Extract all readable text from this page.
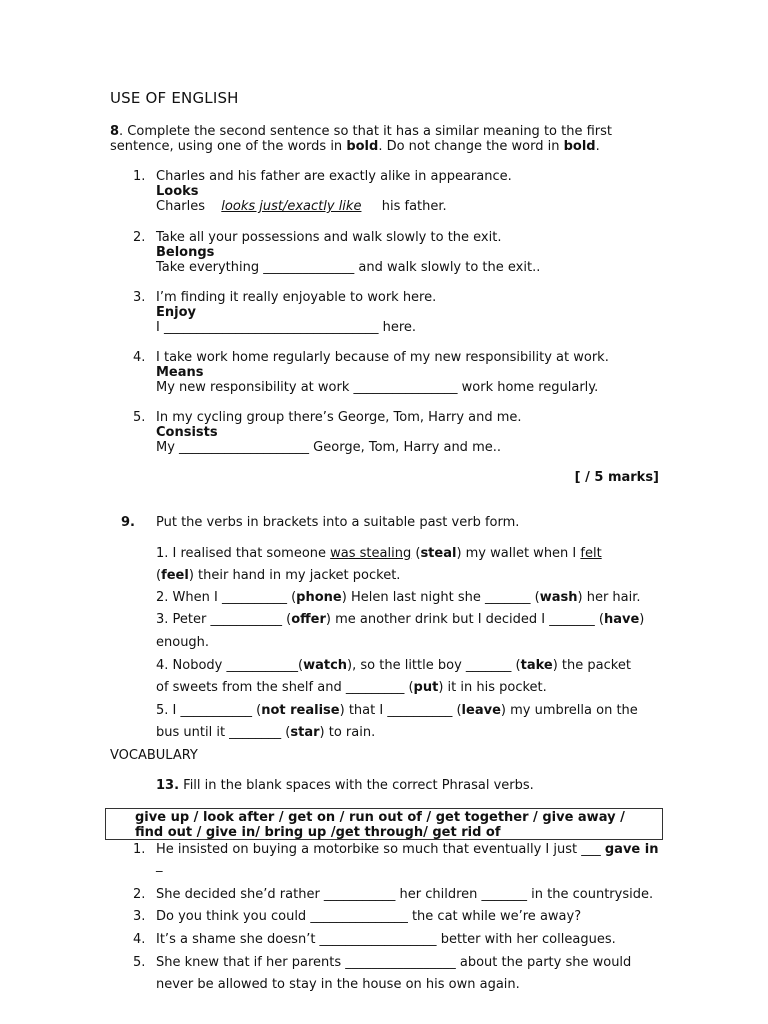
USE OF ENGLISH
8. Complete the second sentence so that it has a similar meaning to the first
sentence, using one of the words in bold. Do not change the word in bold.
1. Charles and his father are exactly alike in appearance.
Looks
Charles looks just/exactly like his father.
2. Take all your possessions and walk slowly to the exit.
Belongs
Take everything ______________ and walk slowly to the exit..
3. I’m finding it really enjoyable to work here.
Enjoy
I _________________________________ here.
4. I take work home regularly because of my new responsibility at work.
Means
My new responsibility at work ________________ work home regularly.
5. In my cycling group there’s George, Tom, Harry and me.
Consists
My ____________________ George, Tom, Harry and me..
[ / 5 marks]
9. Put the verbs in brackets into a suitable past verb form.
1. I realised that someone was stealing (steal) my wallet when I felt
(feel) their hand in my jacket pocket.
2. When I __________ (phone) Helen last night she _______ (wash) her hair.
3. Peter ___________ (offer) me another drink but I decided I _______ (have)
enough.
4. Nobody ___________(watch), so the little boy _______ (take) the packet
of sweets from the shelf and _________ (put) it in his pocket.
5. I ___________ (not realise) that I __________ (leave) my umbrella on the
bus until it ________ (star) to rain.
VOCABULARY
13. Fill in the blank spaces with the correct Phrasal verbs.
give up / look after / get on / run out of / get together / give away /
find out / give in/ bring up /get through/ get rid of
1. He insisted on buying a motorbike so much that eventually I just ___ gave in
_
2. She decided she’d rather ___________ her children _______ in the countryside.
3. Do you think you could _______________ the cat while we’re away?
4. It’s a shame she doesn’t __________________ better with her colleagues.
5. She knew that if her parents _________________ about the party she would
never be allowed to stay in the house on his own again.
